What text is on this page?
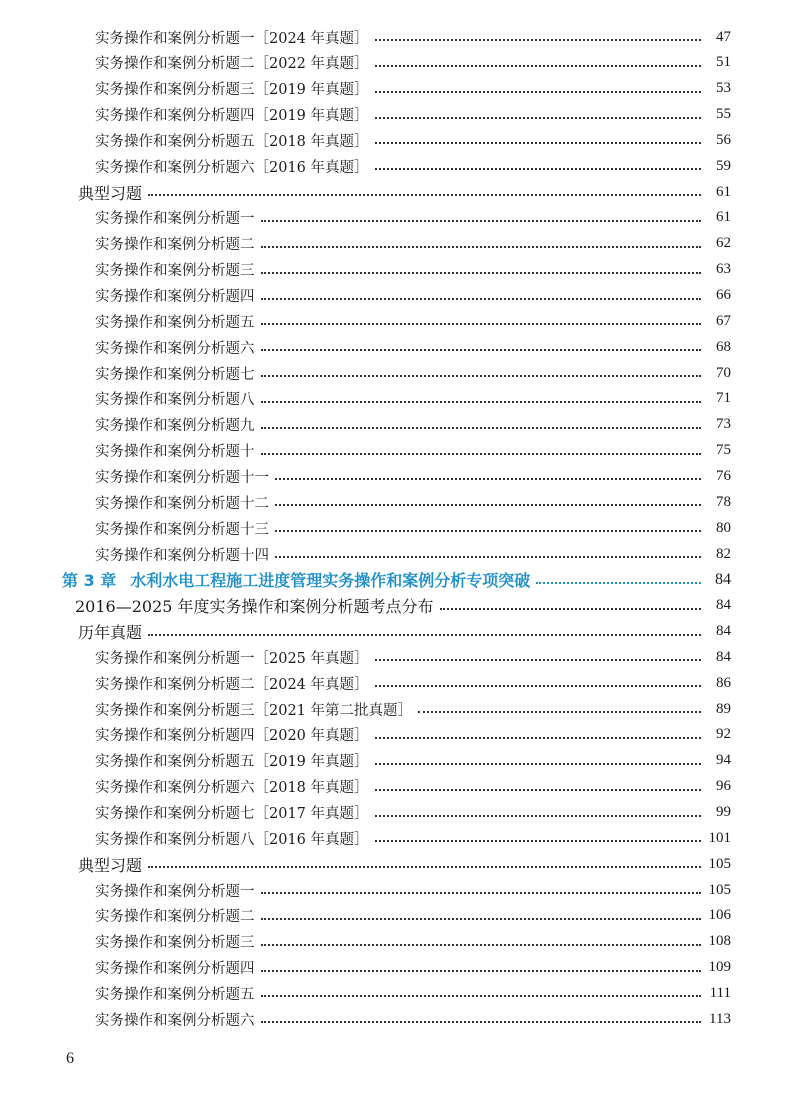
实务操作和案例分析题一［2024 年真题］	47
实务操作和案例分析题二［2022 年真题］	51
实务操作和案例分析题三［2019 年真题］	53
实务操作和案例分析题四［2019 年真题］	55
实务操作和案例分析题五［2018 年真题］	56
实务操作和案例分析题六［2016 年真题］	59
典型习题	61
实务操作和案例分析题一	61
实务操作和案例分析题二	62
实务操作和案例分析题三	63
实务操作和案例分析题四	66
实务操作和案例分析题五	67
实务操作和案例分析题六	68
实务操作和案例分析题七	70
实务操作和案例分析题八	71
实务操作和案例分析题九	73
实务操作和案例分析题十	75
实务操作和案例分析题十一	76
实务操作和案例分析题十二	78
实务操作和案例分析题十三	80
实务操作和案例分析题十四	82
第 3 章 水利水电工程施工进度管理实务操作和案例分析专项突破	84
2016—2025 年度实务操作和案例分析题考点分布	84
历年真题	84
实务操作和案例分析题一［2025 年真题］	84
实务操作和案例分析题二［2024 年真题］	86
实务操作和案例分析题三［2021 年第二批真题］	89
实务操作和案例分析题四［2020 年真题］	92
实务操作和案例分析题五［2019 年真题］	94
实务操作和案例分析题六［2018 年真题］	96
实务操作和案例分析题七［2017 年真题］	99
实务操作和案例分析题八［2016 年真题］	101
典型习题	105
实务操作和案例分析题一	105
实务操作和案例分析题二	106
实务操作和案例分析题三	108
实务操作和案例分析题四	109
实务操作和案例分析题五	111
实务操作和案例分析题六	113
6
